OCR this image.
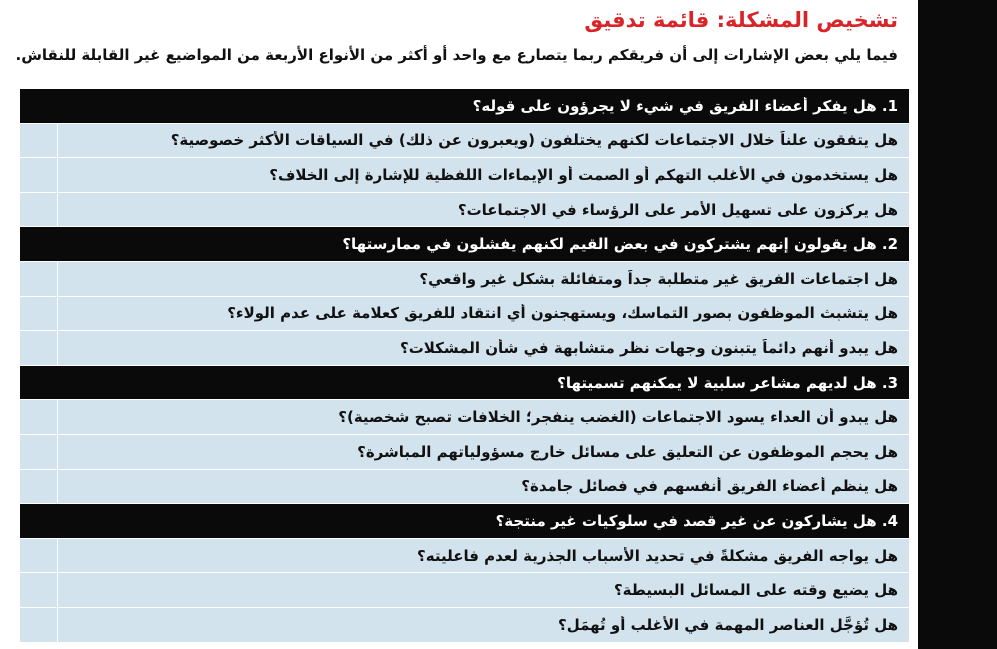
تشخيص المشكلة: قائمة تدقيق
فيما يلي بعض الإشارات إلى أن فريقكم ربما يتصارع مع واحد أو أكثر من الأنواع الأربعة من المواضيع غير القابلة للنقاش.
1. هل يفكر أعضاء الفريق في شيء لا يجرؤون على قوله؟
هل يتفقون علناً خلال الاجتماعات لكنهم يختلفون (ويعبرون عن ذلك) في السياقات الأكثر خصوصية؟
هل يستخدمون في الأغلب التهكم أو الصمت أو الإيماءات اللفظية للإشارة إلى الخلاف؟
هل يركزون على تسهيل الأمر على الرؤساء في الاجتماعات؟
2. هل يقولون إنهم يشتركون في بعض القيم لكنهم يفشلون في ممارستها؟
هل اجتماعات الفريق غير متطلبة جداً ومتفائلة بشكل غير واقعي؟
هل يتشبث الموظفون بصور التماسك، ويستهجنون أي انتقاد للفريق كعلامة على عدم الولاء؟
هل يبدو أنهم دائماً يتبنون وجهات نظر متشابهة في شأن المشكلات؟
3. هل لديهم مشاعر سلبية لا يمكنهم تسميتها؟
هل يبدو أن العداء يسود الاجتماعات (الغضب ينفجر؛ الخلافات تصبح شخصية)؟
هل يحجم الموظفون عن التعليق على مسائل خارج مسؤولياتهم المباشرة؟
هل ينظم أعضاء الفريق أنفسهم في فصائل جامدة؟
4. هل يشاركون عن غير قصد في سلوكيات غير منتجة؟
هل يواجه الفريق مشكلةً في تحديد الأسباب الجذرية لعدم فاعليته؟
هل يضيع وقته على المسائل البسيطة؟
هل تُؤجَّل العناصر المهمة في الأغلب أو تُهمَل؟
